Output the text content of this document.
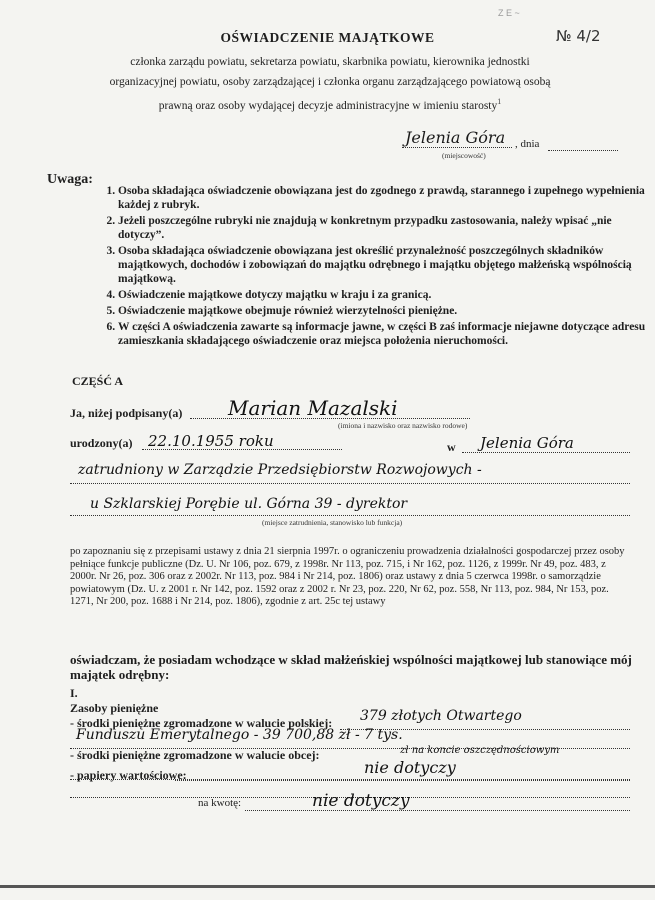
Z E ~
№ 4/2
OŚWIADCZENIE MAJĄTKOWE
członka zarządu powiatu, sekretarza powiatu, skarbnika powiatu, kierownika jednostki
organizacyjnej powiatu, osoby zarządzającej i członka organu zarządzającego powiatową osobą
prawną oraz osoby wydającej decyzje administracyjne w imieniu starosty$^1$
Jelenia Góra , dnia
(miejscowość)
Uwaga:
1. Osoba składająca oświadczenie obowiązana jest do zgodnego z prawdą, starannego i zupełnego wypełnienia każdej z rubryk.
2. Jeżeli poszczególne rubryki nie znajdują w konkretnym przypadku zastosowania, należy wpisać „nie dotyczy”.
3. Osoba składająca oświadczenie obowiązana jest określić przynależność poszczególnych składników majątkowych, dochodów i zobowiązań do majątku odrębnego i majątku objętego małżeńską wspólnością majątkową.
4. Oświadczenie majątkowe dotyczy majątku w kraju i za granicą.
5. Oświadczenie majątkowe obejmuje również wierzytelności pieniężne.
6. W części A oświadczenia zawarte są informacje jawne, w części B zaś informacje niejawne dotyczące adresu zamieszkania składającego oświadczenie oraz miejsca położenia nieruchomości.
CZĘŚĆ A
Ja, niżej podpisany(a) Marian Mazalski
(imiona i nazwisko oraz nazwisko rodowe)
urodzony(a) 22.10.1955 roku	w Jelenia Góra
zatrudniony w Zarządzie Przedsiębiorstw Rozwojowych -
u Szklarskiej Porębie ul. Górna 39 - dyrektor
(miejsce zatrudnienia, stanowisko lub funkcja)
po zapoznaniu się z przepisami ustawy z dnia 21 sierpnia 1997r. o ograniczeniu prowadzenia działalności gospodarczej przez osoby pełniące funkcje publiczne (Dz. U. Nr 106, poz. 679, z 1998r. Nr 113, poz. 715, i Nr 162, poz. 1126, z 1999r. Nr 49, poz. 483, z 2000r. Nr 26, poz. 306 oraz z 2002r. Nr 113, poz. 984 i Nr 214, poz. 1806) oraz ustawy z dnia 5 czerwca 1998r. o samorządzie powiatowym (Dz. U. z 2001 r. Nr 142, poz. 1592 oraz z 2002 r. Nr 23, poz. 220, Nr 62, poz. 558, Nr 113, poz. 984, Nr 153, poz. 1271, Nr 200, poz. 1688 i Nr 214, poz. 1806), zgodnie z art. 25c tej ustawy
oświadczam, że posiadam wchodzące w skład małżeńskiej wspólności majątkowej lub stanowiące mój majątek odrębny:
I.
Zasoby pieniężne
- środki pieniężne zgromadzone w walucie polskiej: 379 złotych Otwartego
Funduszu Emerytalnego - 39 700,88 zł - 7 tys.
- środki pieniężne zgromadzone w walucie obcej:	zł na koncie oszczędnościowym
nie dotyczy
- papiery wartościowe:
na kwotę:	nie dotyczy
